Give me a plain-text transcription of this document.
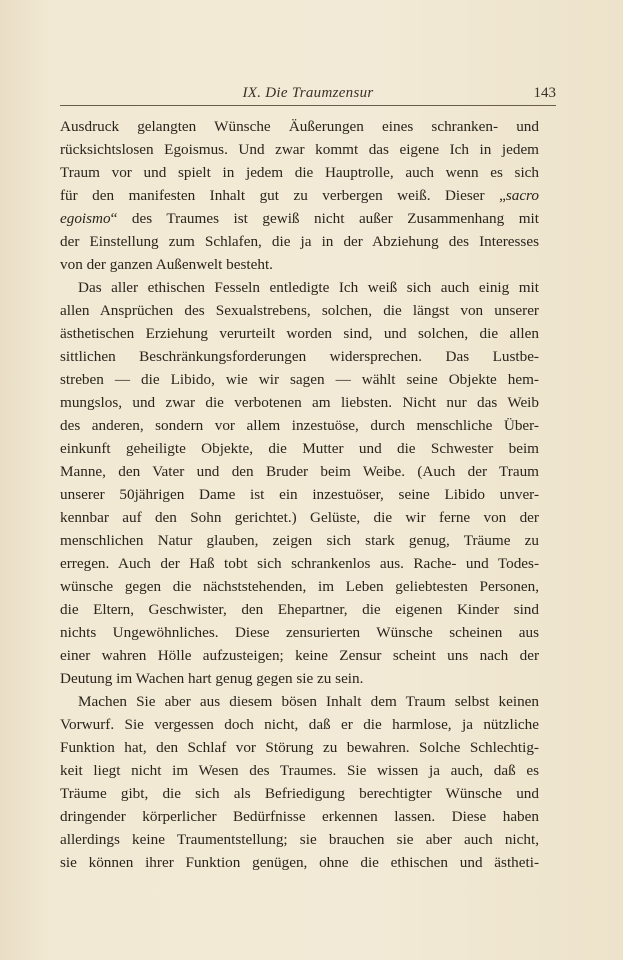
IX. Die Traumzensur	143
Ausdruck gelangten Wünsche Äußerungen eines schranken- und
rücksichtslosen Egoismus. Und zwar kommt das eigene Ich in jedem
Traum vor und spielt in jedem die Hauptrolle, auch wenn es sich
für den manifesten Inhalt gut zu verbergen weiß. Dieser „sacro
egoismo“ des Traumes ist gewiß nicht außer Zusammenhang mit
der Einstellung zum Schlafen, die ja in der Abziehung des Interesses
von der ganzen Außenwelt besteht.
Das aller ethischen Fesseln entledigte Ich weiß sich auch einig mit
allen Ansprüchen des Sexualstrebens, solchen, die längst von unserer
ästhetischen Erziehung verurteilt worden sind, und solchen, die allen
sittlichen Beschränkungsforderungen widersprechen. Das Lustbe-
streben — die Libido, wie wir sagen — wählt seine Objekte hem-
mungslos, und zwar die verbotenen am liebsten. Nicht nur das Weib
des anderen, sondern vor allem inzestuöse, durch menschliche Über-
einkunft geheiligte Objekte, die Mutter und die Schwester beim
Manne, den Vater und den Bruder beim Weibe. (Auch der Traum
unserer 50jährigen Dame ist ein inzestuöser, seine Libido unver-
kennbar auf den Sohn gerichtet.) Gelüste, die wir ferne von der
menschlichen Natur glauben, zeigen sich stark genug, Träume zu
erregen. Auch der Haß tobt sich schrankenlos aus. Rache- und Todes-
wünsche gegen die nächststehenden, im Leben geliebtesten Personen,
die Eltern, Geschwister, den Ehepartner, die eigenen Kinder sind
nichts Ungewöhnliches. Diese zensurierten Wünsche scheinen aus
einer wahren Hölle aufzusteigen; keine Zensur scheint uns nach der
Deutung im Wachen hart genug gegen sie zu sein.
Machen Sie aber aus diesem bösen Inhalt dem Traum selbst keinen
Vorwurf. Sie vergessen doch nicht, daß er die harmlose, ja nützliche
Funktion hat, den Schlaf vor Störung zu bewahren. Solche Schlechtig-
keit liegt nicht im Wesen des Traumes. Sie wissen ja auch, daß es
Träume gibt, die sich als Befriedigung berechtigter Wünsche und
dringender körperlicher Bedürfnisse erkennen lassen. Diese haben
allerdings keine Traumentstellung; sie brauchen sie aber auch nicht,
sie können ihrer Funktion genügen, ohne die ethischen und ästheti-
